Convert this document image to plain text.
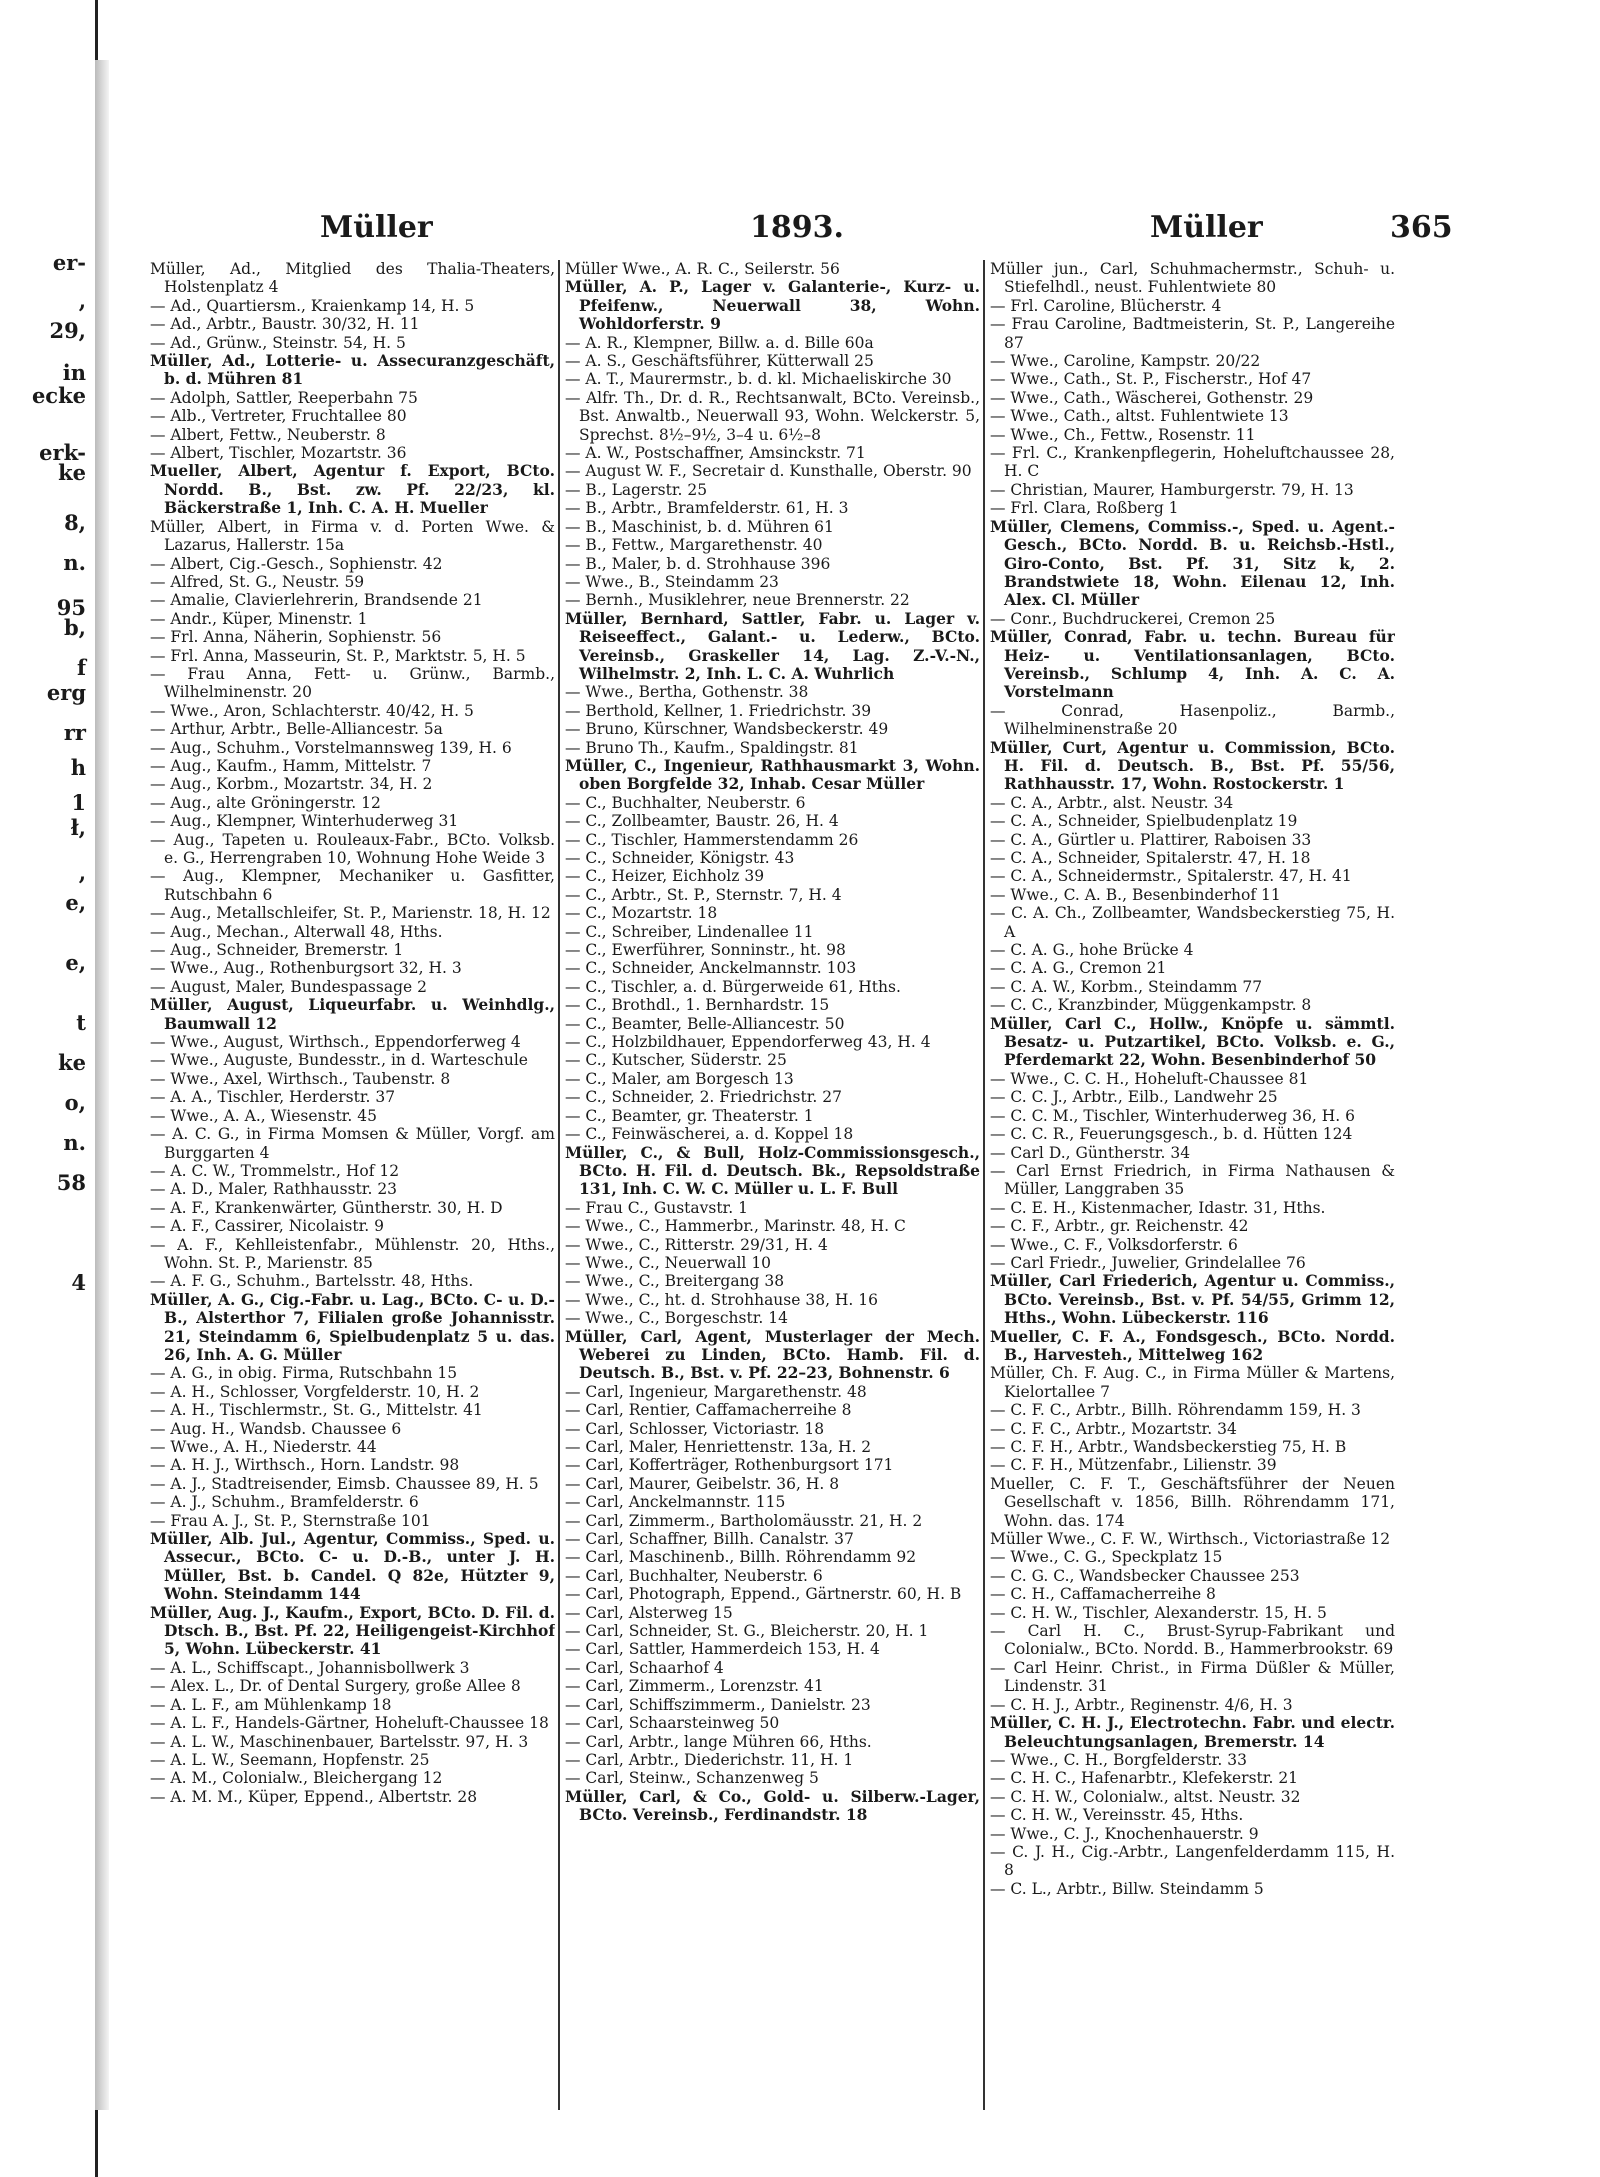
er-
,
29,
in
ecke
erk-
ke
8,
n.
95
b,
f
erg
rr
h
1
ł,
,
e,
e,
t
ke
o,
n.
58
4
Müller	1893.	Müller	365

Müller, Ad., Mitglied des Thalia-Theaters, Holstenplatz 4

— Ad., Quartiersm., Kraienkamp 14, H. 5

— Ad., Arbtr., Baustr. 30/32, H. 11

— Ad., Grünw., Steinstr. 54, H. 5

Müller, Ad., Lotterie- u. Assecuranzgeschäft, b. d. Mühren 81

— Adolph, Sattler, Reeperbahn 75

— Alb., Vertreter, Fruchtallee 80

— Albert, Fettw., Neuberstr. 8

— Albert, Tischler, Mozartstr. 36

Mueller, Albert, Agentur f. Export, BCto. Nordd. B., Bst. zw. Pf. 22/23, kl. Bäckerstraße 1, Inh. C. A. H. Mueller

Müller, Albert, in Firma v. d. Porten Wwe. & Lazarus, Hallerstr. 15a

— Albert, Cig.-Gesch., Sophienstr. 42

— Alfred, St. G., Neustr. 59

— Amalie, Clavierlehrerin, Brandsende 21

— Andr., Küper, Minenstr. 1

— Frl. Anna, Näherin, Sophienstr. 56

— Frl. Anna, Masseurin, St. P., Marktstr. 5, H. 5

— Frau Anna, Fett- u. Grünw., Barmb., Wilhelminenstr. 20

— Wwe., Aron, Schlachterstr. 40/42, H. 5

— Arthur, Arbtr., Belle-Alliancestr. 5a

— Aug., Schuhm., Vorstelmannsweg 139, H. 6

— Aug., Kaufm., Hamm, Mittelstr. 7

— Aug., Korbm., Mozartstr. 34, H. 2

— Aug., alte Gröningerstr. 12

— Aug., Klempner, Winterhuderweg 31

— Aug., Tapeten u. Rouleaux-Fabr., BCto. Volksb. e. G., Herrengraben 10, Wohnung Hohe Weide 3

— Aug., Klempner, Mechaniker u. Gasfitter, Rutschbahn 6

— Aug., Metallschleifer, St. P., Marienstr. 18, H. 12

— Aug., Mechan., Alterwall 48, Hths.

— Aug., Schneider, Bremerstr. 1

— Wwe., Aug., Rothenburgsort 32, H. 3

— August, Maler, Bundespassage 2

Müller, August, Liqueurfabr. u. Weinhdlg., Baumwall 12

— Wwe., August, Wirthsch., Eppendorferweg 4

— Wwe., Auguste, Bundesstr., in d. Warteschule

— Wwe., Axel, Wirthsch., Taubenstr. 8

— A. A., Tischler, Herderstr. 37

— Wwe., A. A., Wiesenstr. 45

— A. C. G., in Firma Momsen & Müller, Vorgf. am Burggarten 4

— A. C. W., Trommelstr., Hof 12

— A. D., Maler, Rathhausstr. 23

— A. F., Krankenwärter, Güntherstr. 30, H. D

— A. F., Cassirer, Nicolaistr. 9

— A. F., Kehlleistenfabr., Mühlenstr. 20, Hths., Wohn. St. P., Marienstr. 85

— A. F. G., Schuhm., Bartelsstr. 48, Hths.

Müller, A. G., Cig.-Fabr. u. Lag., BCto. C- u. D.-B., Alsterthor 7, Filialen große Johannisstr. 21, Steindamm 6, Spielbudenplatz 5 u. das. 26, Inh. A. G. Müller

— A. G., in obig. Firma, Rutschbahn 15

— A. H., Schlosser, Vorgfelderstr. 10, H. 2

— A. H., Tischlermstr., St. G., Mittelstr. 41

— Aug. H., Wandsb. Chaussee 6

— Wwe., A. H., Niederstr. 44

— A. H. J., Wirthsch., Horn. Landstr. 98

— A. J., Stadtreisender, Eimsb. Chaussee 89, H. 5

— A. J., Schuhm., Bramfelderstr. 6

— Frau A. J., St. P., Sternstraße 101

Müller, Alb. Jul., Agentur, Commiss., Sped. u. Assecur., BCto. C- u. D.-B., unter J. H. Müller, Bst. b. Candel. Q 82e, Hützter 9, Wohn. Steindamm 144

Müller, Aug. J., Kaufm., Export, BCto. D. Fil. d. Dtsch. B., Bst. Pf. 22, Heiligengeist-Kirchhof 5, Wohn. Lübeckerstr. 41

— A. L., Schiffscapt., Johannisbollwerk 3

— Alex. L., Dr. of Dental Surgery, große Allee 8

— A. L. F., am Mühlenkamp 18

— A. L. F., Handels-Gärtner, Hoheluft-Chaussee 18

— A. L. W., Maschinenbauer, Bartelsstr. 97, H. 3

— A. L. W., Seemann, Hopfenstr. 25

— A. M., Colonialw., Bleichergang 12

— A. M. M., Küper, Eppend., Albertstr. 28

Müller Wwe., A. R. C., Seilerstr. 56

Müller, A. P., Lager v. Galanterie-, Kurz- u. Pfeifenw., Neuerwall 38, Wohn. Wohldorferstr. 9

— A. R., Klempner, Billw. a. d. Bille 60a

— A. S., Geschäftsführer, Kütterwall 25

— A. T., Maurermstr., b. d. kl. Michaeliskirche 30

— Alfr. Th., Dr. d. R., Rechtsanwalt, BCto. Vereinsb., Bst. Anwaltb., Neuerwall 93, Wohn. Welckerstr. 5, Sprechst. 8½–9½, 3–4 u. 6½–8

— A. W., Postschaffner, Amsinckstr. 71

— August W. F., Secretair d. Kunsthalle, Oberstr. 90

— B., Lagerstr. 25

— B., Arbtr., Bramfelderstr. 61, H. 3

— B., Maschinist, b. d. Mühren 61

— B., Fettw., Margarethenstr. 40

— B., Maler, b. d. Strohhause 396

— Wwe., B., Steindamm 23

— Bernh., Musiklehrer, neue Brennerstr. 22

Müller, Bernhard, Sattler, Fabr. u. Lager v. Reiseeffect., Galant.- u. Lederw., BCto. Vereinsb., Graskeller 14, Lag. Z.-V.-N., Wilhelmstr. 2, Inh. L. C. A. Wuhrlich

— Wwe., Bertha, Gothenstr. 38

— Berthold, Kellner, 1. Friedrichstr. 39

— Bruno, Kürschner, Wandsbeckerstr. 49

— Bruno Th., Kaufm., Spaldingstr. 81

Müller, C., Ingenieur, Rathhausmarkt 3, Wohn. oben Borgfelde 32, Inhab. Cesar Müller

— C., Buchhalter, Neuberstr. 6

— C., Zollbeamter, Baustr. 26, H. 4

— C., Tischler, Hammerstendamm 26

— C., Schneider, Königstr. 43

— C., Heizer, Eichholz 39

— C., Arbtr., St. P., Sternstr. 7, H. 4

— C., Mozartstr. 18

— C., Schreiber, Lindenallee 11

— C., Ewerführer, Sonninstr., ht. 98

— C., Schneider, Anckelmannstr. 103

— C., Tischler, a. d. Bürgerweide 61, Hths.

— C., Brothdl., 1. Bernhardstr. 15

— C., Beamter, Belle-Alliancestr. 50

— C., Holzbildhauer, Eppendorferweg 43, H. 4

— C., Kutscher, Süderstr. 25

— C., Maler, am Borgesch 13

— C., Schneider, 2. Friedrichstr. 27

— C., Beamter, gr. Theaterstr. 1

— C., Feinwäscherei, a. d. Koppel 18

Müller, C., & Bull, Holz-Commissionsgesch., BCto. H. Fil. d. Deutsch. Bk., Repsoldstraße 131, Inh. C. W. C. Müller u. L. F. Bull

— Frau C., Gustavstr. 1

— Wwe., C., Hammerbr., Marinstr. 48, H. C

— Wwe., C., Ritterstr. 29/31, H. 4

— Wwe., C., Neuerwall 10

— Wwe., C., Breitergang 38

— Wwe., C., ht. d. Strohhause 38, H. 16

— Wwe., C., Borgeschstr. 14

Müller, Carl, Agent, Musterlager der Mech. Weberei zu Linden, BCto. Hamb. Fil. d. Deutsch. B., Bst. v. Pf. 22–23, Bohnenstr. 6

— Carl, Ingenieur, Margarethenstr. 48

— Carl, Rentier, Caffamacherreihe 8

— Carl, Schlosser, Victoriastr. 18

— Carl, Maler, Henriettenstr. 13a, H. 2

— Carl, Kofferträger, Rothenburgsort 171

— Carl, Maurer, Geibelstr. 36, H. 8

— Carl, Anckelmannstr. 115

— Carl, Zimmerm., Bartholomäusstr. 21, H. 2

— Carl, Schaffner, Billh. Canalstr. 37

— Carl, Maschinenb., Billh. Röhrendamm 92

— Carl, Buchhalter, Neuberstr. 6

— Carl, Photograph, Eppend., Gärtnerstr. 60, H. B

— Carl, Alsterweg 15

— Carl, Schneider, St. G., Bleicherstr. 20, H. 1

— Carl, Sattler, Hammerdeich 153, H. 4

— Carl, Schaarhof 4

— Carl, Zimmerm., Lorenzstr. 41

— Carl, Schiffszimmerm., Danielstr. 23

— Carl, Schaarsteinweg 50

— Carl, Arbtr., lange Mühren 66, Hths.

— Carl, Arbtr., Diederichstr. 11, H. 1

— Carl, Steinw., Schanzenweg 5

Müller, Carl, & Co., Gold- u. Silberw.-Lager, BCto. Vereinsb., Ferdinandstr. 18

Müller jun., Carl, Schuhmachermstr., Schuh- u. Stiefelhdl., neust. Fuhlentwiete 80

— Frl. Caroline, Blücherstr. 4

— Frau Caroline, Badtmeisterin, St. P., Langereihe 87

— Wwe., Caroline, Kampstr. 20/22

— Wwe., Cath., St. P., Fischerstr., Hof 47

— Wwe., Cath., Wäscherei, Gothenstr. 29

— Wwe., Cath., altst. Fuhlentwiete 13

— Wwe., Ch., Fettw., Rosenstr. 11

— Frl. C., Krankenpflegerin, Hoheluftchaussee 28, H. C

— Christian, Maurer, Hamburgerstr. 79, H. 13

— Frl. Clara, Roßberg 1

Müller, Clemens, Commiss.-, Sped. u. Agent.-Gesch., BCto. Nordd. B. u. Reichsb.-Hstl., Giro-Conto, Bst. Pf. 31, Sitz k, 2. Brandstwiete 18, Wohn. Eilenau 12, Inh. Alex. Cl. Müller

— Conr., Buchdruckerei, Cremon 25

Müller, Conrad, Fabr. u. techn. Bureau für Heiz- u. Ventilationsanlagen, BCto. Vereinsb., Schlump 4, Inh. A. C. A. Vorstelmann

— Conrad, Hasenpoliz., Barmb., Wilhelminenstraße 20

Müller, Curt, Agentur u. Commission, BCto. H. Fil. d. Deutsch. B., Bst. Pf. 55/56, Rathhausstr. 17, Wohn. Rostockerstr. 1

— C. A., Arbtr., alst. Neustr. 34

— C. A., Schneider, Spielbudenplatz 19

— C. A., Gürtler u. Plattirer, Raboisen 33

— C. A., Schneider, Spitalerstr. 47, H. 18

— C. A., Schneidermstr., Spitalerstr. 47, H. 41

— Wwe., C. A. B., Besenbinderhof 11

— C. A. Ch., Zollbeamter, Wandsbeckerstieg 75, H. A

— C. A. G., hohe Brücke 4

— C. A. G., Cremon 21

— C. A. W., Korbm., Steindamm 77

— C. C., Kranzbinder, Müggenkampstr. 8

Müller, Carl C., Hollw., Knöpfe u. sämmtl. Besatz- u. Putzartikel, BCto. Volksb. e. G., Pferdemarkt 22, Wohn. Besenbinderhof 50

— Wwe., C. C. H., Hoheluft-Chaussee 81

— C. C. J., Arbtr., Eilb., Landwehr 25

— C. C. M., Tischler, Winterhuderweg 36, H. 6

— C. C. R., Feuerungsgesch., b. d. Hütten 124

— Carl D., Güntherstr. 34

— Carl Ernst Friedrich, in Firma Nathausen & Müller, Langgraben 35

— C. E. H., Kistenmacher, Idastr. 31, Hths.

— C. F., Arbtr., gr. Reichenstr. 42

— Wwe., C. F., Volksdorferstr. 6

— Carl Friedr., Juwelier, Grindelallee 76

Müller, Carl Friederich, Agentur u. Commiss., BCto. Vereinsb., Bst. v. Pf. 54/55, Grimm 12, Hths., Wohn. Lübeckerstr. 116

Mueller, C. F. A., Fondsgesch., BCto. Nordd. B., Harvesteh., Mittelweg 162

Müller, Ch. F. Aug. C., in Firma Müller & Martens, Kielortallee 7

— C. F. C., Arbtr., Billh. Röhrendamm 159, H. 3

— C. F. C., Arbtr., Mozartstr. 34

— C. F. H., Arbtr., Wandsbeckerstieg 75, H. B

— C. F. H., Mützenfabr., Lilienstr. 39

Mueller, C. F. T., Geschäftsführer der Neuen Gesellschaft v. 1856, Billh. Röhrendamm 171, Wohn. das. 174

Müller Wwe., C. F. W., Wirthsch., Victoriastraße 12

— Wwe., C. G., Speckplatz 15

— C. G. C., Wandsbecker Chaussee 253

— C. H., Caffamacherreihe 8

— C. H. W., Tischler, Alexanderstr. 15, H. 5

— Carl H. C., Brust-Syrup-Fabrikant und Colonialw., BCto. Nordd. B., Hammerbrookstr. 69

— Carl Heinr. Christ., in Firma Düßler & Müller, Lindenstr. 31

— C. H. J., Arbtr., Reginenstr. 4/6, H. 3

Müller, C. H. J., Electrotechn. Fabr. und electr. Beleuchtungsanlagen, Bremerstr. 14

— Wwe., C. H., Borgfelderstr. 33

— C. H. C., Hafenarbtr., Klefekerstr. 21

— C. H. W., Colonialw., altst. Neustr. 32

— C. H. W., Vereinsstr. 45, Hths.

— Wwe., C. J., Knochenhauerstr. 9

— C. J. H., Cig.-Arbtr., Langenfelderdamm 115, H. 8

— C. L., Arbtr., Billw. Steindamm 5
